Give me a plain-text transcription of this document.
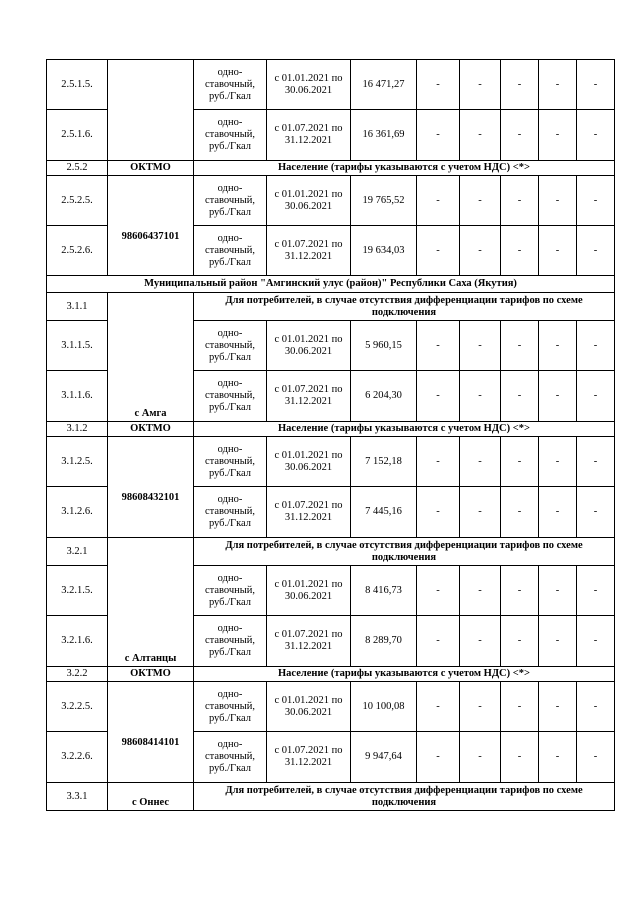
2.5.1.5.		одно-ставочный, руб./Гкал	с 01.01.2021 по 30.06.2021	16 471,27	-	-	-	-	-
2.5.1.6.		одно-ставочный, руб./Гкал	с 01.07.2021 по 31.12.2021	16 361,69	-	-	-	-	-
2.5.2	ОКТМО	Население (тарифы указываются с учетом НДС) <*>							
2.5.2.5.	98606437101	одно-ставочный, руб./Гкал	с 01.01.2021 по 30.06.2021	19 765,52	-	-	-	-	-
2.5.2.6.		одно-ставочный, руб./Гкал	с 01.07.2021 по 31.12.2021	19 634,03	-	-	-	-	-
Муниципальный район "Амгинский улус (район)" Республики Саха (Якутия)									
3.1.1	с Амга	Для потребителей, в случае отсутствия дифференциации тарифов по схеме подключения							
3.1.1.5.		одно-ставочный, руб./Гкал	с 01.01.2021 по 30.06.2021	5 960,15	-	-	-	-	-
3.1.1.6.		одно-ставочный, руб./Гкал	с 01.07.2021 по 31.12.2021	6 204,30	-	-	-	-	-
3.1.2	ОКТМО	Население (тарифы указываются с учетом НДС) <*>							
3.1.2.5.	98608432101	одно-ставочный, руб./Гкал	с 01.01.2021 по 30.06.2021	7 152,18	-	-	-	-	-
3.1.2.6.		одно-ставочный, руб./Гкал	с 01.07.2021 по 31.12.2021	7 445,16	-	-	-	-	-
3.2.1	с Алтанцы	Для потребителей, в случае отсутствия дифференциации тарифов по схеме подключения							
3.2.1.5.		одно-ставочный, руб./Гкал	с 01.01.2021 по 30.06.2021	8 416,73	-	-	-	-	-
3.2.1.6.		одно-ставочный, руб./Гкал	с 01.07.2021 по 31.12.2021	8 289,70	-	-	-	-	-
3.2.2	ОКТМО	Население (тарифы указываются с учетом НДС) <*>							
3.2.2.5.	98608414101	одно-ставочный, руб./Гкал	с 01.01.2021 по 30.06.2021	10 100,08	-	-	-	-	-
3.2.2.6.		одно-ставочный, руб./Гкал	с 01.07.2021 по 31.12.2021	9 947,64	-	-	-	-	-
3.3.1	с Оннес	Для потребителей, в случае отсутствия дифференциации тарифов по схеме подключения							
